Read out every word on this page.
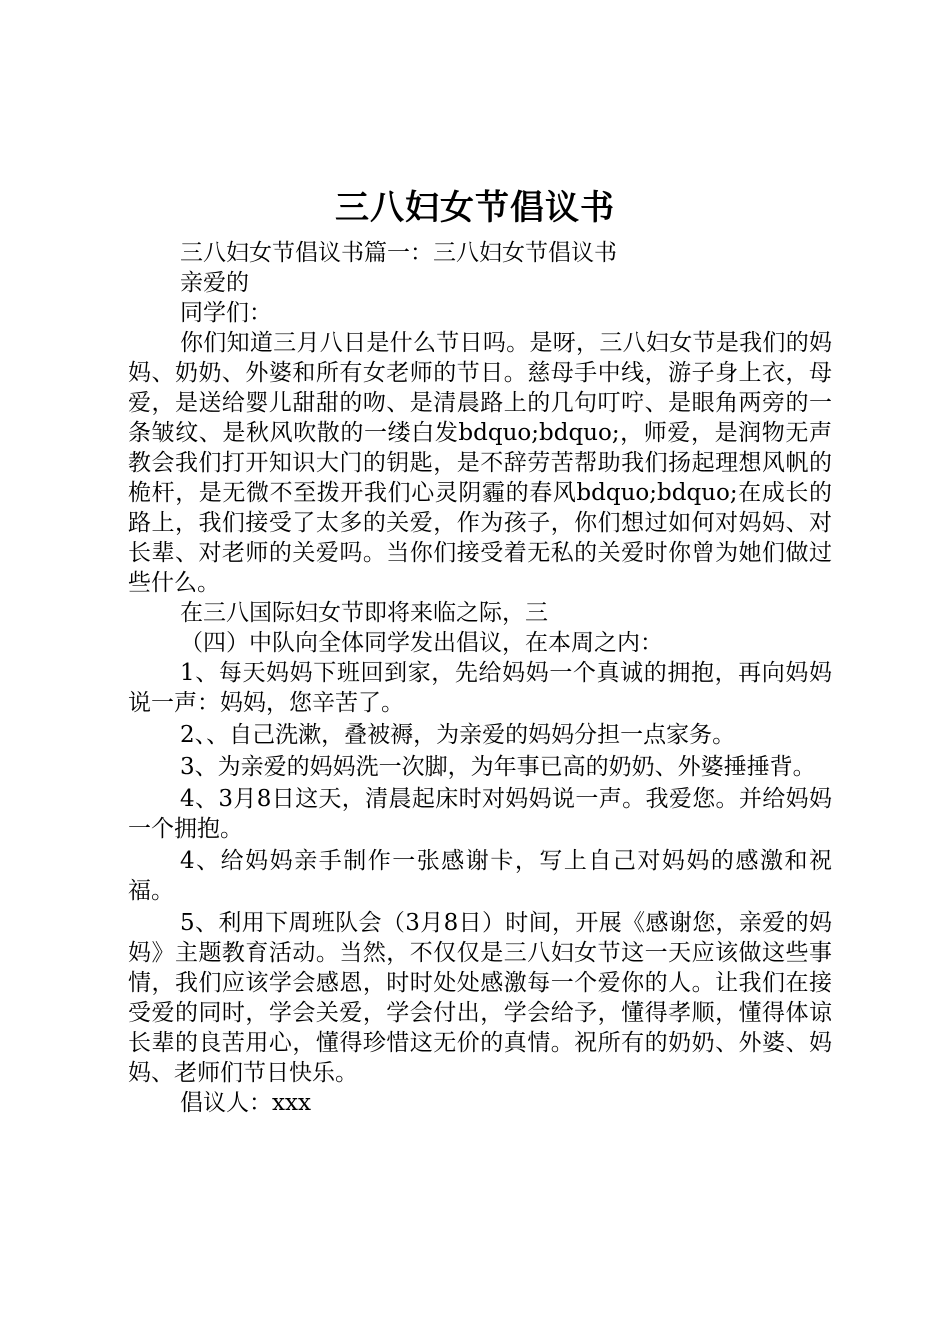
三八妇女节倡议书

三八妇女节倡议书篇一：三八妇女节倡议书

亲爱的

同学们：

你们知道三月八日是什么节日吗。是呀，三八妇女节是我们的妈妈、奶奶、外婆和所有女老师的节日。慈母手中线，游子身上衣，母爱，是送给婴儿甜甜的吻、是清晨路上的几句叮咛、是眼角两旁的一条皱纹、是秋风吹散的一缕白发bdquo;bdquo;，师爱，是润物无声教会我们打开知识大门的钥匙，是不辞劳苦帮助我们扬起理想风帆的桅杆，是无微不至拨开我们心灵阴霾的春风bdquo;bdquo;在成长的路上，我们接受了太多的关爱，作为孩子，你们想过如何对妈妈、对长辈、对老师的关爱吗。当你们接受着无私的关爱时你曾为她们做过些什么。

在三八国际妇女节即将来临之际，三

（四）中队向全体同学发出倡议，在本周之内：

1、每天妈妈下班回到家，先给妈妈一个真诚的拥抱，再向妈妈说一声：妈妈，您辛苦了。

2、、自己洗漱，叠被褥，为亲爱的妈妈分担一点家务。

3、为亲爱的妈妈洗一次脚，为年事已高的奶奶、外婆捶捶背。

4、3月8日这天，清晨起床时对妈妈说一声。我爱您。并给妈妈一个拥抱。

4、给妈妈亲手制作一张感谢卡，写上自己对妈妈的感激和祝福。

5、利用下周班队会（3月8日）时间，开展《感谢您，亲爱的妈妈》主题教育活动。当然，不仅仅是三八妇女节这一天应该做这些事情，我们应该学会感恩，时时处处感激每一个爱你的人。让我们在接受爱的同时，学会关爱，学会付出，学会给予，懂得孝顺，懂得体谅长辈的良苦用心，懂得珍惜这无价的真情。祝所有的奶奶、外婆、妈妈、老师们节日快乐。

倡议人：xxx
